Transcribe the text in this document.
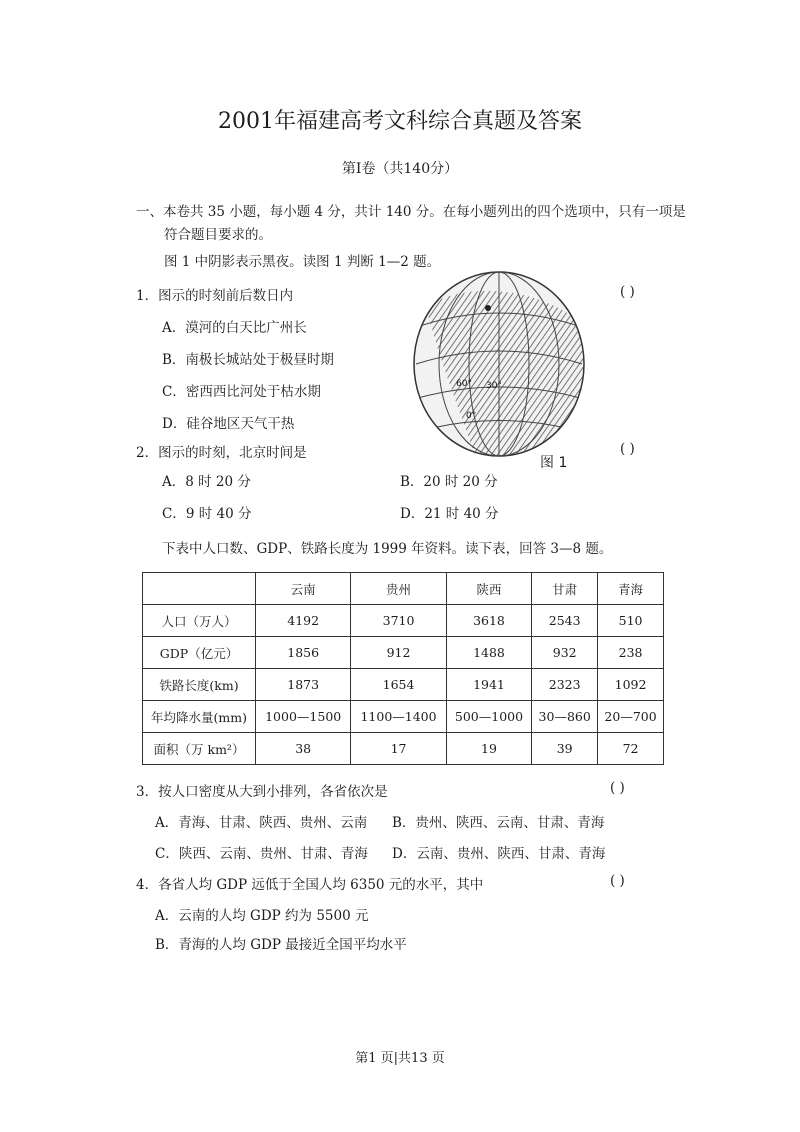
2001年福建高考文科综合真题及答案
第Ⅰ卷（共140分）
一、本卷共 35 小题，每小题 4 分，共计 140 分。在每小题列出的四个选项中，只有一项是
符合题目要求的。
图 1 中阴影表示黑夜。读图 1 判断 1—2 题。
1．图示的时刻前后数日内	( )
A．漠河的白天比广州长
B．南极长城站处于极昼时期
C．密西西比河处于枯水期
D．硅谷地区天气干热
60° 30°
0°
图 1
2．图示的时刻，北京时间是	( )
A．8 时 20 分	B．20 时 20 分
C．9 时 40 分	D．21 时 40 分
下表中人口数、GDP、铁路长度为 1999 年资料。读下表，回答 3—8 题。
	云南	贵州	陕西	甘肃	青海
人口（万人）	4192	3710	3618	2543	510
GDP（亿元）	1856	912	1488	932	238
铁路长度(km)	1873	1654	1941	2323	1092
年均降水量(mm)	1000—1500	1100—1400	500—1000	30—860	20—700
面积（万 km²）	38	17	19	39	72
3．按人口密度从大到小排列，各省依次是	( )
A．青海、甘肃、陕西、贵州、云南 B．贵州、陕西、云南、甘肃、青海
C．陕西、云南、贵州、甘肃、青海 D．云南、贵州、陕西、甘肃、青海
4．各省人均 GDP 远低于全国人均 6350 元的水平，其中	( )
A．云南的人均 GDP 约为 5500 元
B．青海的人均 GDP 最接近全国平均水平
第1 页|共13 页
